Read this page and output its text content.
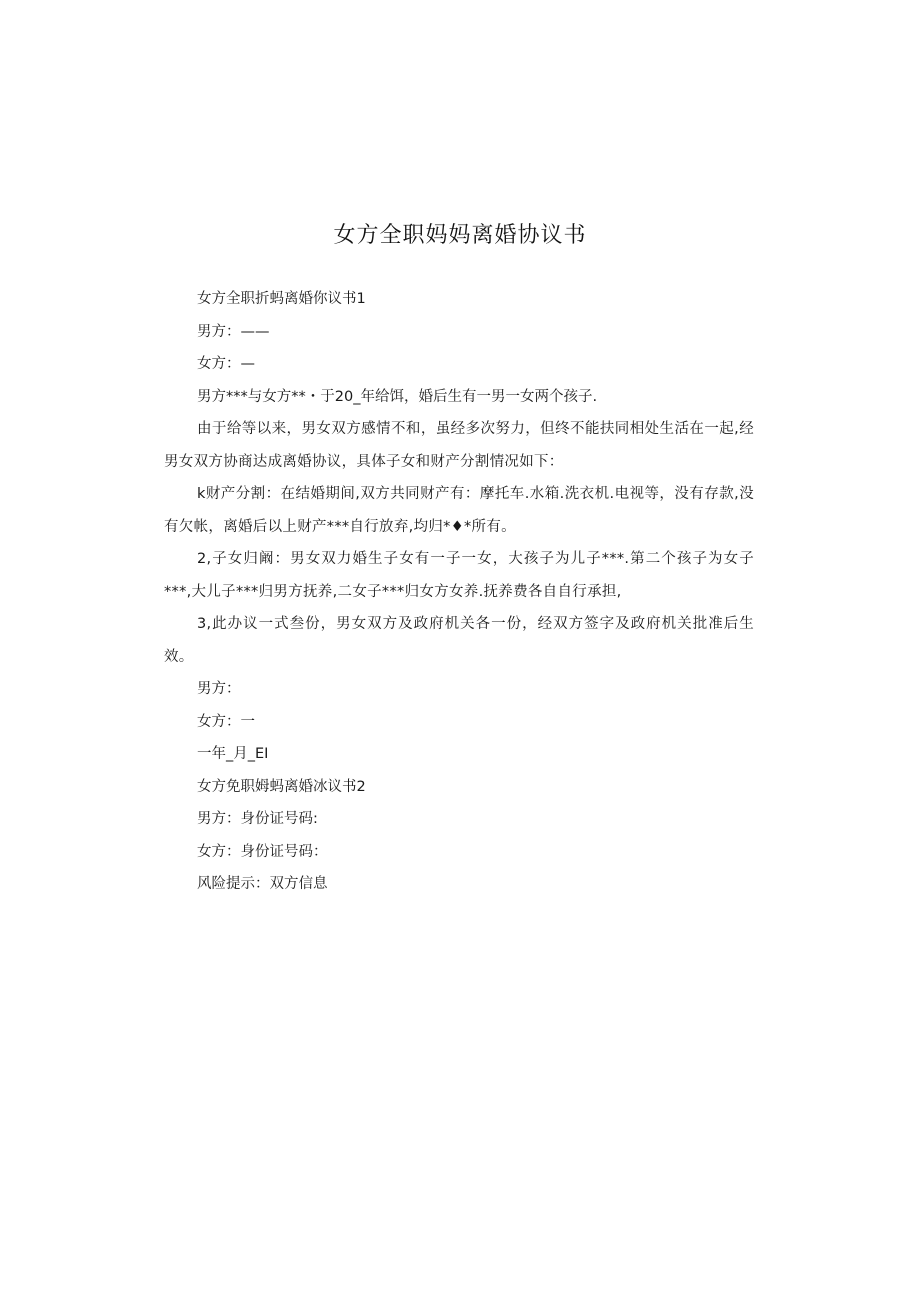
女方全职妈妈离婚协议书
女方全职折蚂离婚你议书1
男方：——
女方：—
男方***与女方**・于20_年给饵，婚后生有一男一女两个孩子.
由于给等以来，男女双方感情不和，虽经多次努力，但终不能扶同相处生活在一起,经男女双方协商达成离婚协议，具体子女和财产分割情况如下：
k财产分割：在结婚期间,双方共同财产有：摩托车.水箱.洗衣机.电视等，没有存款,没有欠帐，离婚后以上财产***自行放弃,均归*♦*所有。
2,子女归阚：男女双力婚生子女有一子一女，大孩子为儿子***.第二个孩子为女子***,大儿子***归男方抚养,二女子***归女方女养.抚养费各自自行承担,
3,此办议一式叁份，男女双方及政府机关各一份，经双方签字及政府机关批准后生效。
男方：
女方：一
一年_月_EI
女方免职姆蚂离婚冰议书2
男方：身份证号码:
女方：身份证号码：
风险提示：双方信息
